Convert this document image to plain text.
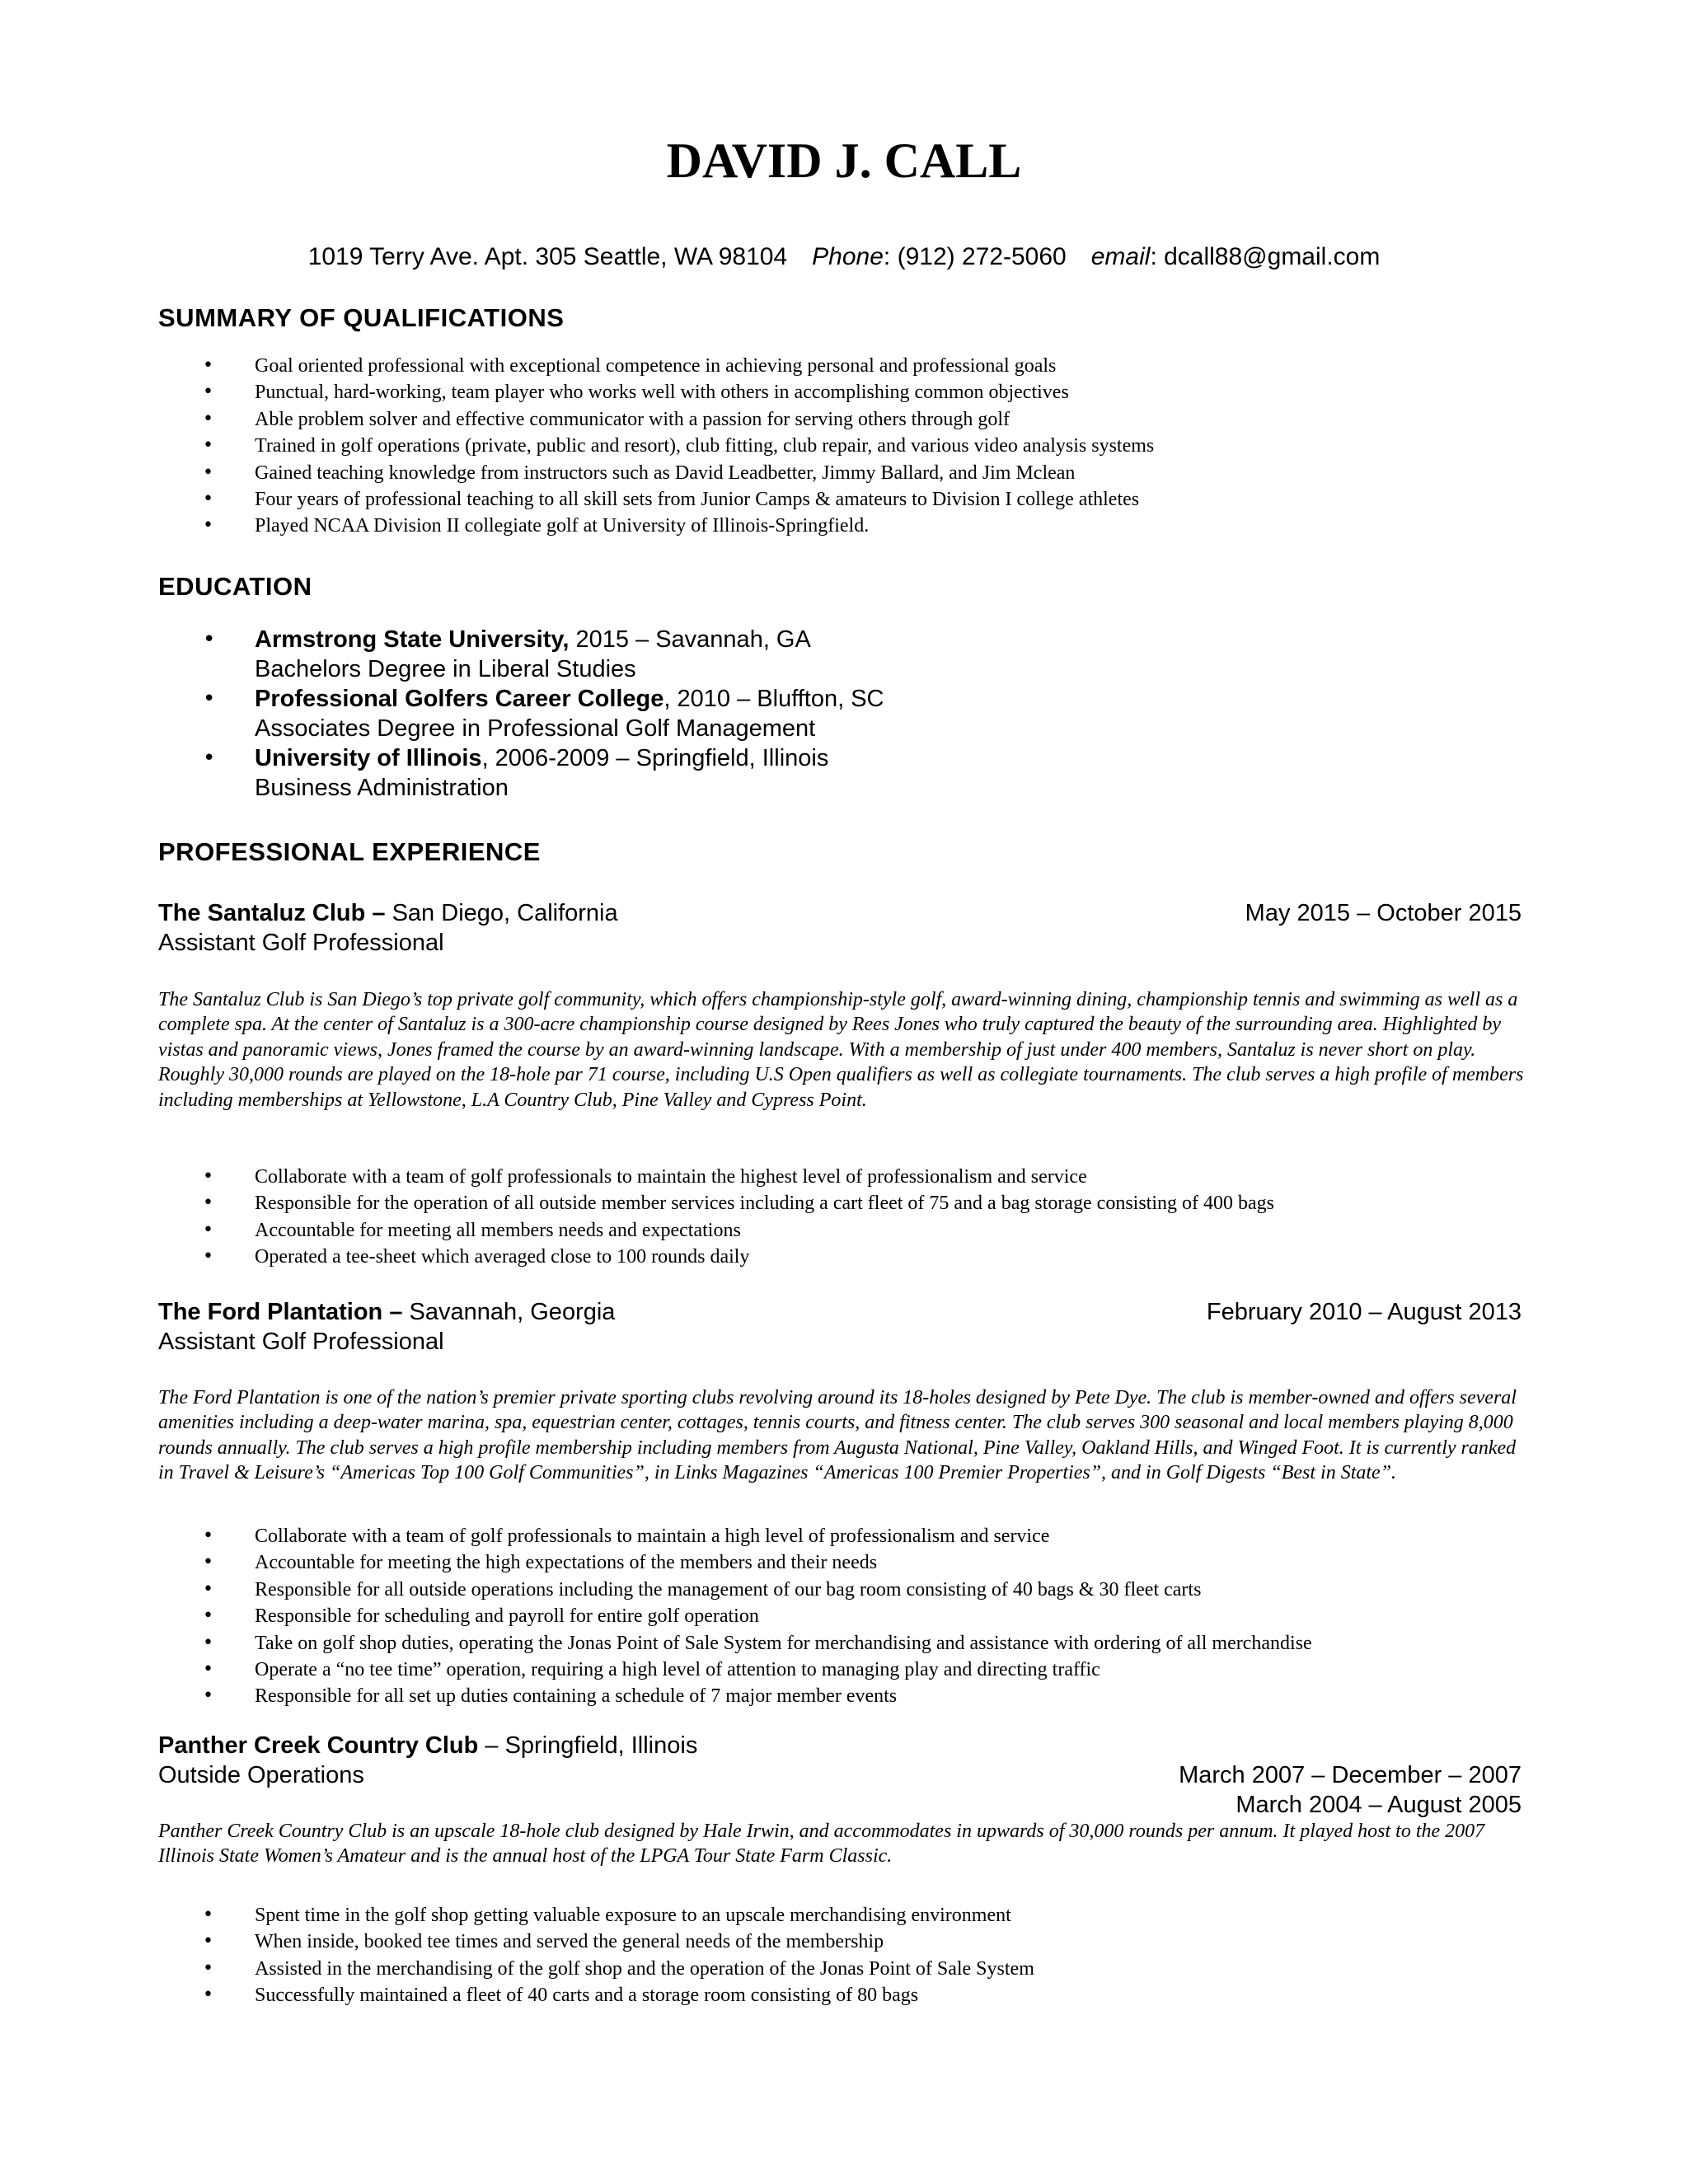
DAVID J. CALL
1019 Terry Ave. Apt. 305 Seattle, WA 98104 Phone: (912) 272-5060 email: dcall88@gmail.com
SUMMARY OF QUALIFICATIONS
• Goal oriented professional with exceptional competence in achieving personal and professional goals
• Punctual, hard-working, team player who works well with others in accomplishing common objectives
• Able problem solver and effective communicator with a passion for serving others through golf
• Trained in golf operations (private, public and resort), club fitting, club repair, and various video analysis systems
• Gained teaching knowledge from instructors such as David Leadbetter, Jimmy Ballard, and Jim Mclean
• Four years of professional teaching to all skill sets from Junior Camps & amateurs to Division I college athletes
• Played NCAA Division II collegiate golf at University of Illinois-Springfield.
EDUCATION
• Armstrong State University, 2015 – Savannah, GA
Bachelors Degree in Liberal Studies
• Professional Golfers Career College, 2010 – Bluffton, SC
Associates Degree in Professional Golf Management
• University of Illinois, 2006-2009 – Springfield, Illinois
Business Administration
PROFESSIONAL EXPERIENCE
The Santaluz Club – San Diego, California	May 2015 – October 2015
Assistant Golf Professional

The Santaluz Club is San Diego’s top private golf community, which offers championship-style golf, award-winning dining, championship tennis and swimming as well as a complete spa. At the center of Santaluz is a 300-acre championship course designed by Rees Jones who truly captured the beauty of the surrounding area. Highlighted by vistas and panoramic views, Jones framed the course by an award-winning landscape. With a membership of just under 400 members, Santaluz is never short on play. Roughly 30,000 rounds are played on the 18-hole par 71 course, including U.S Open qualifiers as well as collegiate tournaments. The club serves a high profile of members including memberships at Yellowstone, L.A Country Club, Pine Valley and Cypress Point.

• Collaborate with a team of golf professionals to maintain the highest level of professionalism and service
• Responsible for the operation of all outside member services including a cart fleet of 75 and a bag storage consisting of 400 bags
• Accountable for meeting all members needs and expectations
• Operated a tee-sheet which averaged close to 100 rounds daily
The Ford Plantation – Savannah, Georgia	February 2010 – August 2013
Assistant Golf Professional

The Ford Plantation is one of the nation’s premier private sporting clubs revolving around its 18-holes designed by Pete Dye. The club is member-owned and offers several amenities including a deep-water marina, spa, equestrian center, cottages, tennis courts, and fitness center. The club serves 300 seasonal and local members playing 8,000 rounds annually. The club serves a high profile membership including members from Augusta National, Pine Valley, Oakland Hills, and Winged Foot. It is currently ranked in Travel & Leisure’s “Americas Top 100 Golf Communities”, in Links Magazines “Americas 100 Premier Properties”, and in Golf Digests “Best in State”.

• Collaborate with a team of golf professionals to maintain a high level of professionalism and service
• Accountable for meeting the high expectations of the members and their needs
• Responsible for all outside operations including the management of our bag room consisting of 40 bags & 30 fleet carts
• Responsible for scheduling and payroll for entire golf operation
• Take on golf shop duties, operating the Jonas Point of Sale System for merchandising and assistance with ordering of all merchandise
• Operate a “no tee time” operation, requiring a high level of attention to managing play and directing traffic
• Responsible for all set up duties containing a schedule of 7 major member events
Panther Creek Country Club – Springfield, Illinois
Outside Operations	March 2007 – December – 2007
March 2004 – August 2005

Panther Creek Country Club is an upscale 18-hole club designed by Hale Irwin, and accommodates in upwards of 30,000 rounds per annum. It played host to the 2007 Illinois State Women’s Amateur and is the annual host of the LPGA Tour State Farm Classic.

• Spent time in the golf shop getting valuable exposure to an upscale merchandising environment
• When inside, booked tee times and served the general needs of the membership
• Assisted in the merchandising of the golf shop and the operation of the Jonas Point of Sale System
• Successfully maintained a fleet of 40 carts and a storage room consisting of 80 bags
